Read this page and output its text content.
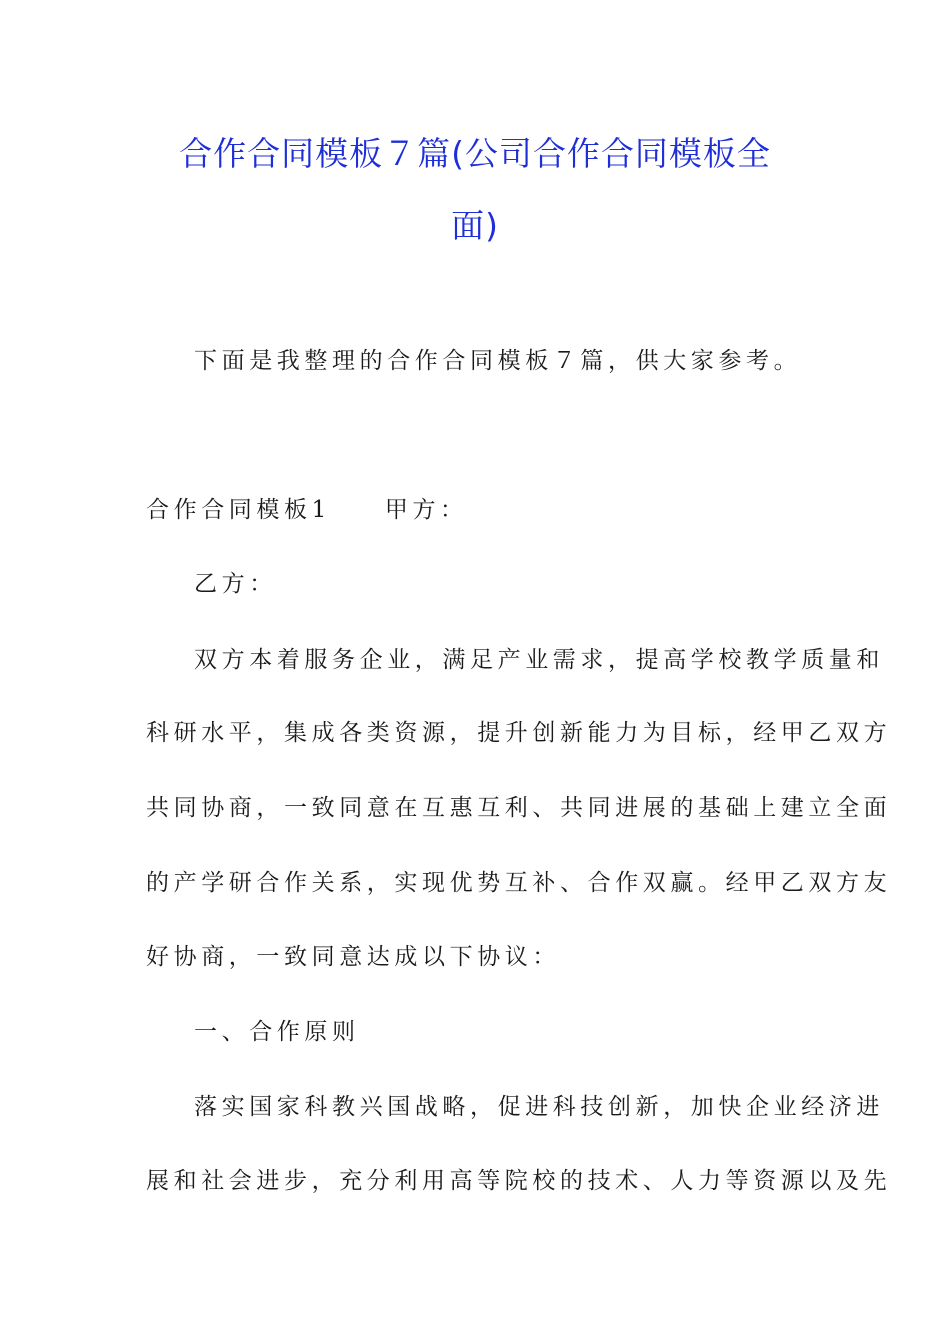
合作合同模板７篇(公司合作合同模板全
面)
下面是我整理的合作合同模板７篇，供大家参考。
合作合同模板1 甲方：
乙方：
双方本着服务企业，满足产业需求，提高学校教学质量和
科研水平，集成各类资源，提升创新能力为目标，经甲乙双方
共同协商，一致同意在互惠互利、共同进展的基础上建立全面
的产学研合作关系，实现优势互补、合作双赢。经甲乙双方友
好协商，一致同意达成以下协议：
一、合作原则
落实国家科教兴国战略，促进科技创新，加快企业经济进
展和社会进步，充分利用高等院校的技术、人力等资源以及先
